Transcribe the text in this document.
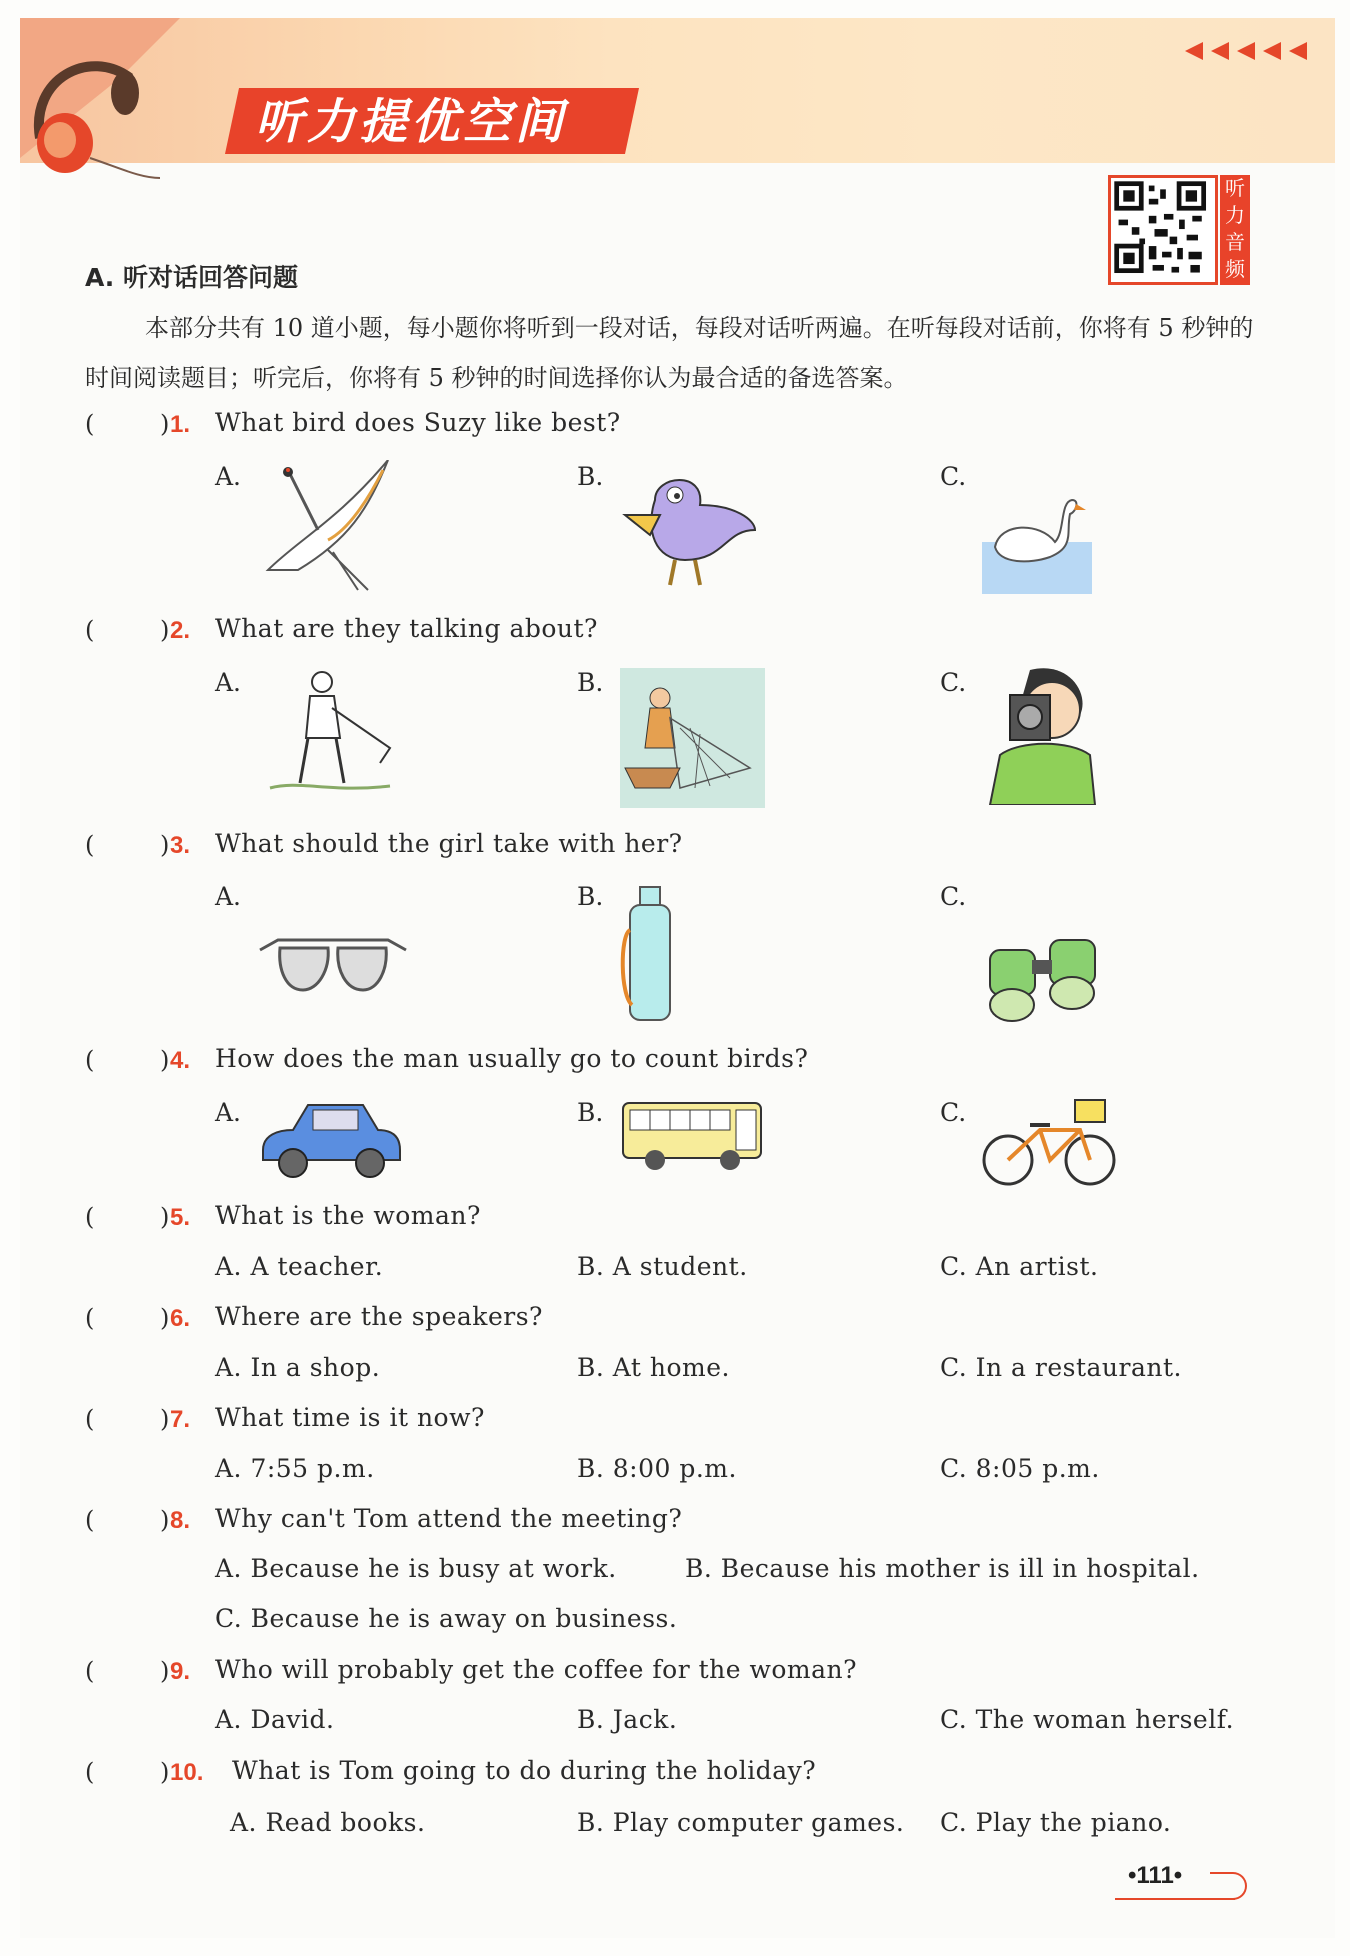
听力提优空间
听力音频
A. 听对话回答问题
本部分共有 10 道小题，每小题你将听到一段对话，每段对话听两遍。在听每段对话前，你将有 5 秒钟的时间阅读题目；听完后，你将有 5 秒钟的时间选择你认为最合适的备选答案。
(	) 1. What bird does Suzy like best?
A.	B.	C.
(	) 2. What are they talking about?
A.	B.	C.
(	) 3. What should the girl take with her?
A.	B.	C.
(	) 4. How does the man usually go to count birds?
A.	B.	C.
(	) 5. What is the woman?
A. A teacher.	B. A student.	C. An artist.
(	) 6. Where are the speakers?
A. In a shop.	B. At home.	C. In a restaurant.
(	) 7. What time is it now?
A. 7:55 p.m.	B. 8:00 p.m.	C. 8:05 p.m.
(	) 8. Why can't Tom attend the meeting?
A. Because he is busy at work.	B. Because his mother is ill in hospital.
C. Because he is away on business.
(	) 9. Who will probably get the coffee for the woman?
A. David.	B. Jack.	C. The woman herself.
(	) 10. What is Tom going to do during the holiday?
A. Read books.	B. Play computer games. C. Play the piano.
•111•
